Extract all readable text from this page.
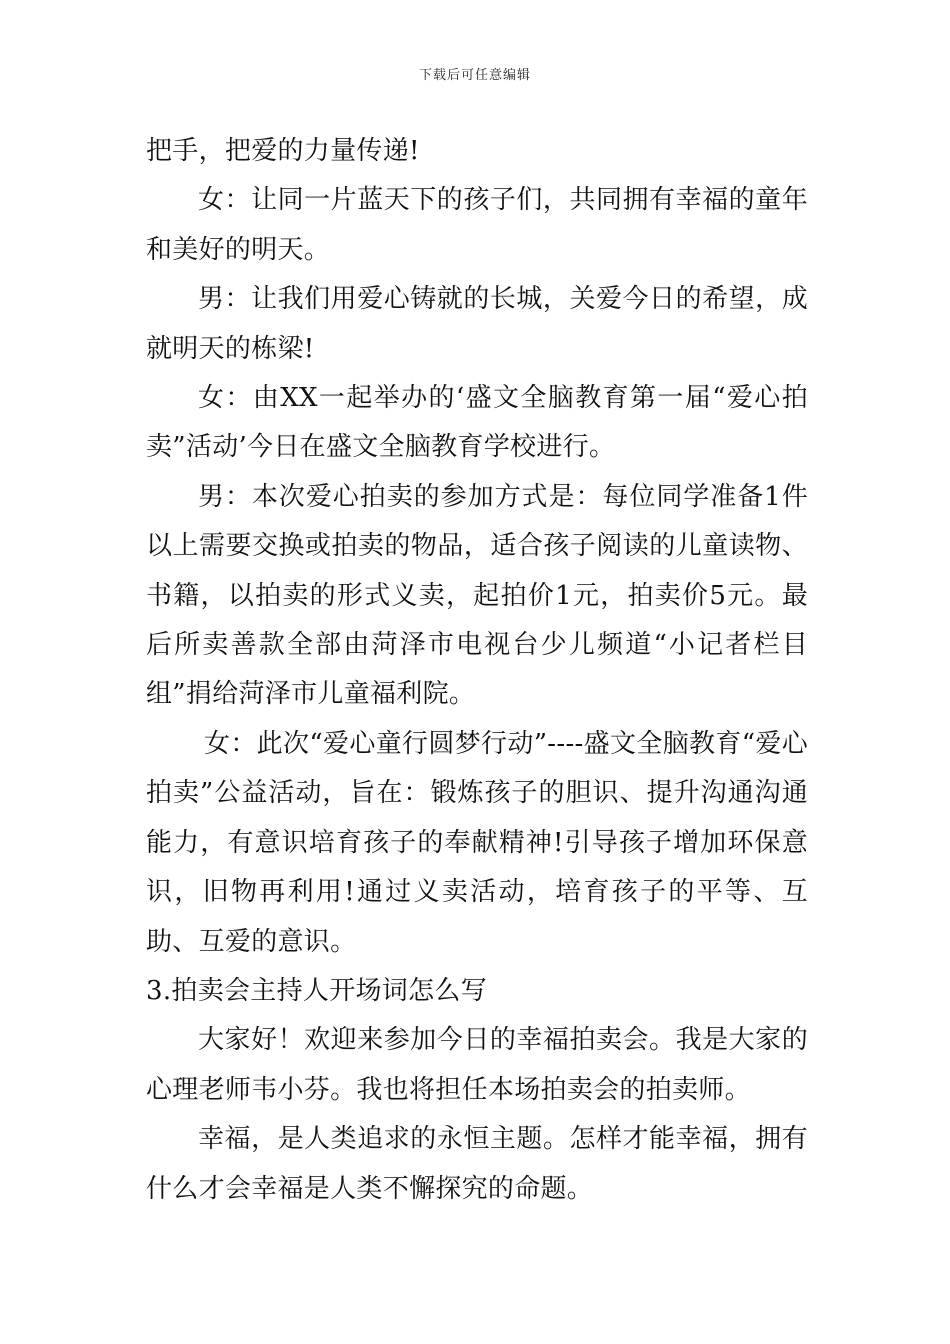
下载后可任意编辑

把手，把爱的力量传递!

女：让同一片蓝天下的孩子们，共同拥有幸福的童年和美好的明天。

男：让我们用爱心铸就的长城，关爱今日的希望，成就明天的栋梁!

女：由XX一起举办的‘盛文全脑教育第一届“爱心拍卖”活动’今日在盛文全脑教育学校进行。

男：本次爱心拍卖的参加方式是：每位同学准备1件以上需要交换或拍卖的物品，适合孩子阅读的儿童读物、书籍，以拍卖的形式义卖，起拍价1元，拍卖价5元。最后所卖善款全部由菏泽市电视台少儿频道“小记者栏目组”捐给菏泽市儿童福利院。

女：此次“爱心童行圆梦行动”----盛文全脑教育“爱心拍卖”公益活动，旨在：锻炼孩子的胆识、提升沟通沟通能力，有意识培育孩子的奉献精神!引导孩子增加环保意识，旧物再利用!通过义卖活动，培育孩子的平等、互助、互爱的意识。

3.拍卖会主持人开场词怎么写

大家好！欢迎来参加今日的幸福拍卖会。我是大家的心理老师韦小芬。我也将担任本场拍卖会的拍卖师。

幸福，是人类追求的永恒主题。怎样才能幸福，拥有什么才会幸福是人类不懈探究的命题。
